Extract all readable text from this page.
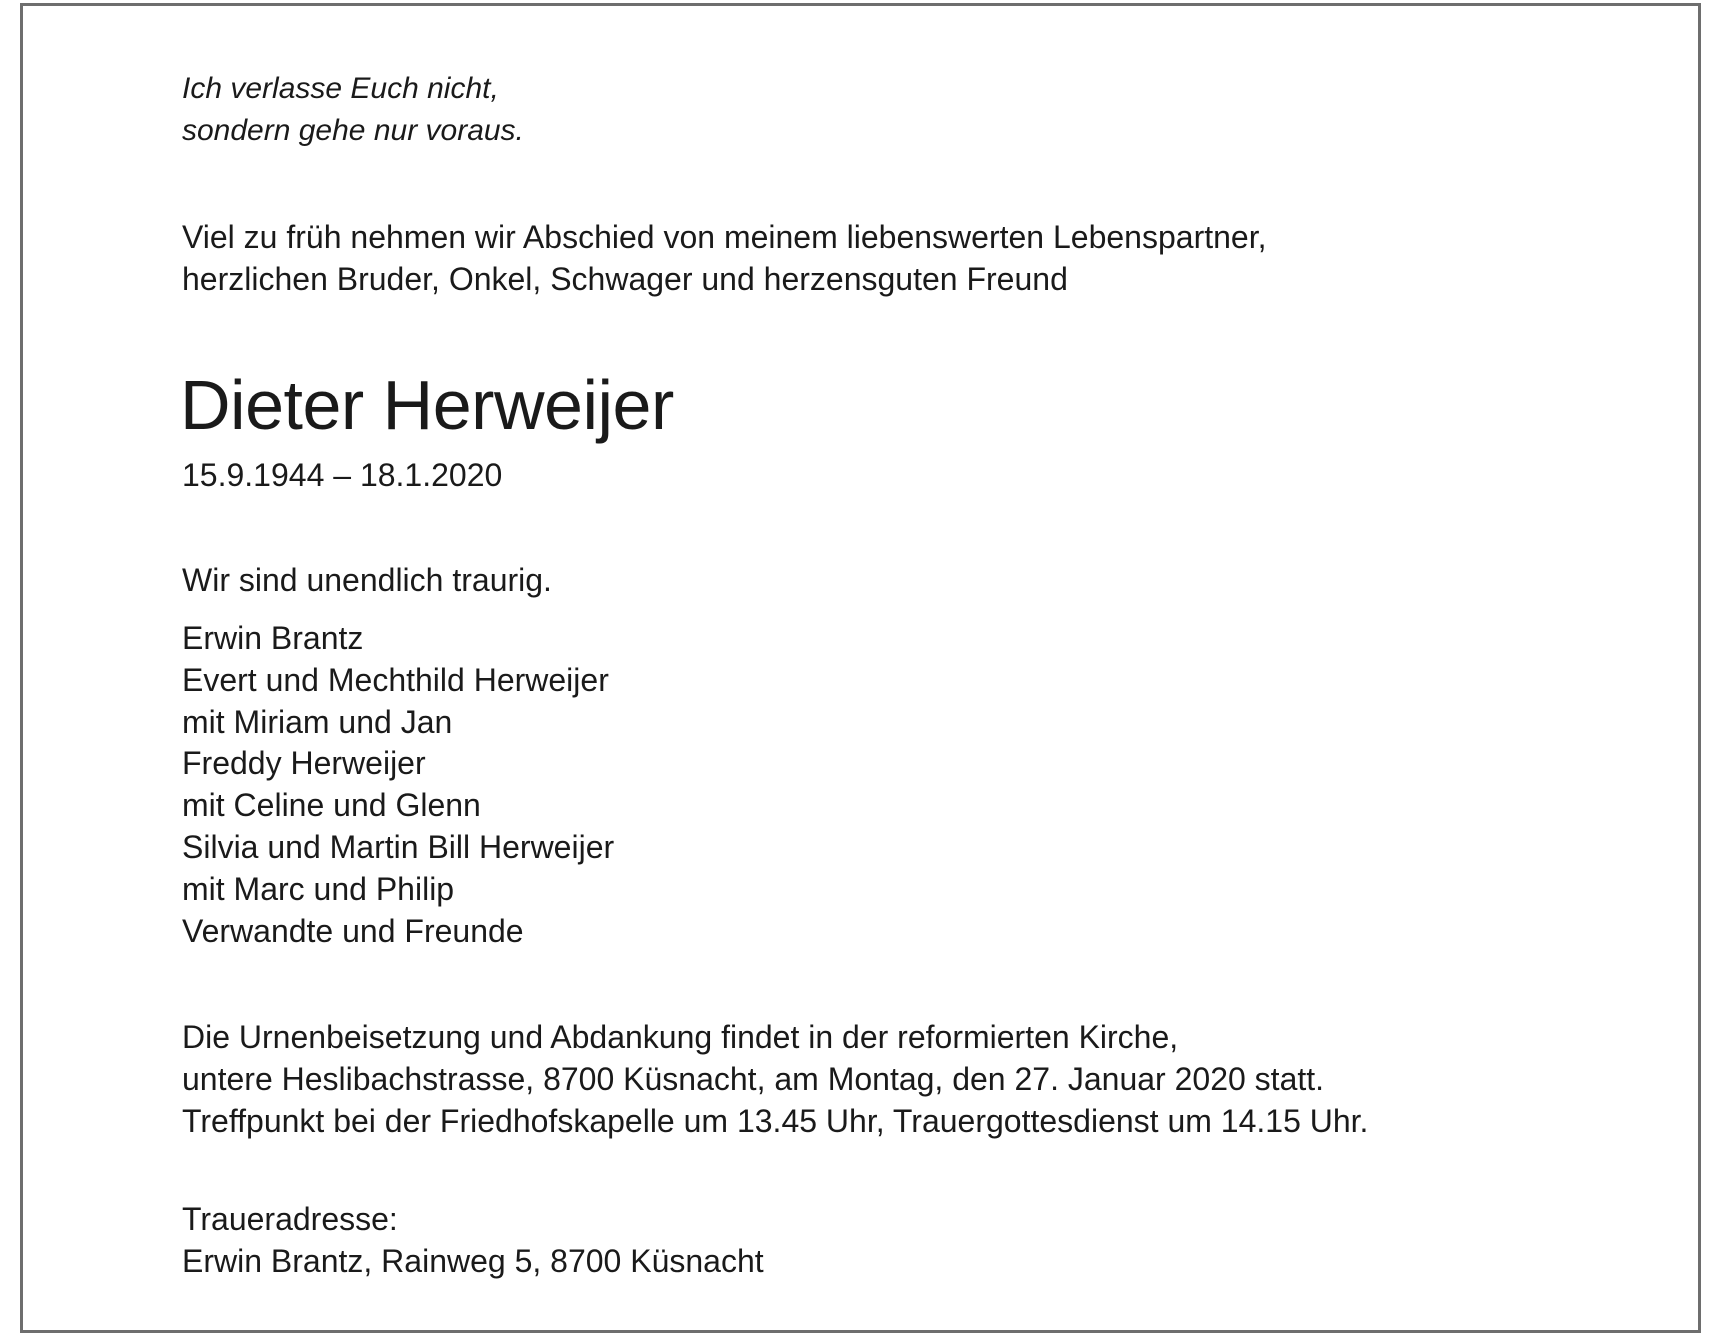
Ich verlasse Euch nicht,
sondern gehe nur voraus.

Viel zu früh nehmen wir Abschied von meinem liebenswerten Lebenspartner,
herzlichen Bruder, Onkel, Schwager und herzensguten Freund

Dieter Herweijer

15.9.1944 – 18.1.2020

Wir sind unendlich traurig.

Erwin Brantz
Evert und Mechthild Herweijer
mit Miriam und Jan
Freddy Herweijer
mit Celine und Glenn
Silvia und Martin Bill Herweijer
mit Marc und Philip
Verwandte und Freunde

Die Urnenbeisetzung und Abdankung findet in der reformierten Kirche,
untere Heslibachstrasse, 8700 Küsnacht, am Montag, den 27. Januar 2020 statt.
Treffpunkt bei der Friedhofskapelle um 13.45 Uhr, Trauergottesdienst um 14.15 Uhr.

Traueradresse:
Erwin Brantz, Rainweg 5, 8700 Küsnacht
